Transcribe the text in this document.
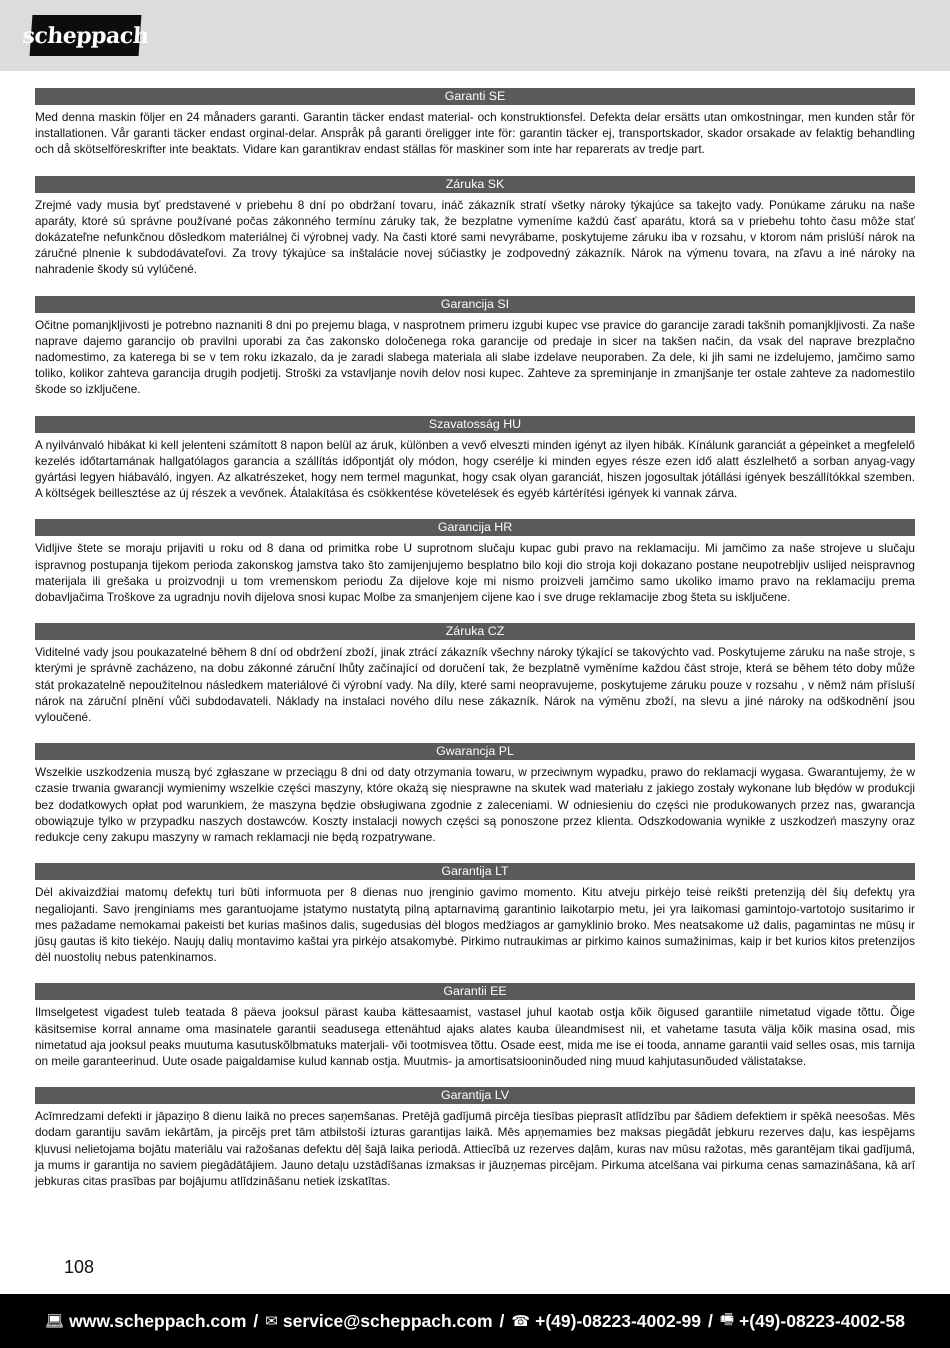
scheppach
Garanti SE

Med denna maskin följer en 24 månaders garanti. Garantin täcker endast material- och konstruktionsfel. Defekta delar ersätts utan omkostningar, men kunden står för installationen. Vår garanti täcker endast orginal-delar. Anspråk på garanti öreligger inte för: garantin täcker ej, transportskador, skador orsakade av felaktig behandling och då skötselföreskrifter inte beaktats. Vidare kan garantikrav endast ställas för maskiner som inte har reparerats av tredje part.

Záruka SK

Zrejmé vady musia byť predstavené v priebehu 8 dní po obdržaní tovaru, ináč zákazník stratí všetky nároky týkajúce sa takejto vady. Ponúkame záruku na naše aparáty, ktoré sú správne používané počas zákonného termínu záruky tak, že bezplatne vymeníme každú časť aparátu, ktorá sa v priebehu tohto času môže stať dokázateľne nefunkčnou dôsledkom materiálnej či výrobnej vady. Na časti ktoré sami nevyrábame, poskytujeme záruku iba v rozsahu, v ktorom nám prislúší nárok na záručné plnenie k subdodávateľovi. Za trovy týkajúce sa inštalácie novej súčiastky je zodpovedný zákazník. Nárok na výmenu tovara, na zľavu a iné nároky na nahradenie škody sú vylúčené.

Garancija SI

Očitne pomanjkljivosti je potrebno naznaniti 8 dni po prejemu blaga, v nasprotnem primeru izgubi kupec vse pravice do garancije zaradi takšnih pomanjkljivosti. Za naše naprave dajemo garancijo ob pravilni uporabi za čas zakonsko določenega roka garancije od predaje in sicer na takšen način, da vsak del naprave brezplačno nadomestimo, za katerega bi se v tem roku izkazalo, da je zaradi slabega materiala ali slabe izdelave neuporaben. Za dele, ki jih sami ne izdelujemo, jamčimo samo toliko, kolikor zahteva garancija drugih podjetij. Stroški za vstavljanje novih delov nosi kupec. Zahteve za spreminjanje in zmanjšanje ter ostale zahteve za nadomestilo škode so izključene.

Szavatosság HU

A nyilvánvaló hibákat ki kell jelenteni számított 8 napon belül az áruk, különben a vevő elveszti minden igényt az ilyen hibák. Kínálunk garanciát a gépeinket a megfelelő kezelés időtartamának hallgatólagos garancia a szállítás időpontját oly módon, hogy cserélje ki minden egyes része ezen idő alatt észlelhető a sorban anyag-vagy gyártási legyen hiábaváló, ingyen. Az alkatrészeket, hogy nem termel magunkat, hogy csak olyan garanciát, hiszen jogosultak jótállási igények beszállítókkal szemben. A költségek beillesztése az új részek a vevőnek. Átalakítása és csökkentése követelések és egyéb kártérítési igények ki vannak zárva.

Garancija HR

Vidljive štete se moraju prijaviti u roku od 8 dana od primitka robe U suprotnom slučaju kupac gubi pravo na reklamaciju. Mi jamčimo za naše strojeve u slučaju ispravnog postupanja tijekom perioda zakonskog jamstva tako što zamijenjujemo besplatno bilo koji dio stroja koji dokazano postane neupotrebljiv uslijed neispravnog materijala ili grešaka u proizvodnji u tom vremenskom periodu Za dijelove koje mi nismo proizveli jamčimo samo ukoliko imamo pravo na reklamaciju prema dobavljačima Troškove za ugradnju novih dijelova snosi kupac Molbe za smanjenjem cijene kao i sve druge reklamacije zbog šteta su isključene.

Záruka CZ

Viditelné vady jsou poukazatelné během 8 dní od obdržení zboží, jinak ztrácí zákazník všechny nároky týkající se takovýchto vad. Poskytujeme záruku na naše stroje, s kterými je správně zacházeno, na dobu zákonné záruční lhůty začínající od doručení tak, že bezplatně vyměníme každou část stroje, která se během této doby může stát prokazatelně nepoužitelnou následkem materiálové či výrobní vady. Na díly, které sami neopravujeme, poskytujeme záruku pouze v rozsahu , v němž nám přísluší nárok na záruční plnění vůči subdodavateli. Náklady na instalaci nového dílu nese zákazník. Nárok na výměnu zboží, na slevu a jiné nároky na odškodnění jsou vyloučené.

Gwarancja PL

Wszelkie uszkodzenia muszą być zgłaszane w przeciągu 8 dni od daty otrzymania towaru, w przeciwnym wypadku, prawo do reklamacji wygasa. Gwarantujemy, że w czasie trwania gwarancji wymienimy wszelkie części maszyny, które okażą się niesprawne na skutek wad materiału z jakiego zostały wykonane lub błędów w produkcji bez dodatkowych opłat pod warunkiem, że maszyna będzie obsługiwana zgodnie z zaleceniami. W odniesieniu do części nie produkowanych przez nas, gwarancja obowiązuje tylko w przypadku naszych dostawców. Koszty instalacji nowych części są ponoszone przez klienta. Odszkodowania wynikłe z uszkodzeń maszyny oraz redukcje ceny zakupu maszyny w ramach reklamacji nie będą rozpatrywane.

Garantija LT

Dėl akivaizdžiai matomų defektų turi būti informuota per 8 dienas nuo įrenginio gavimo momento. Kitu atveju pirkėjo teisė reikšti pretenziją dėl šių defektų yra negaliojanti. Savo įrenginiams mes garantuojame įstatymo nustatytą pilną aptarnavimą garantinio laikotarpio metu, jei yra laikomasi gamintojo-vartotojo susitarimo ir mes pažadame nemokamai pakeisti bet kurias mašinos dalis, sugedusias dėl blogos medžiagos ar gamyklinio broko. Mes neatsakome už dalis, pagamintas ne mūsų ir jūsų gautas iš kito tiekėjo. Naujų dalių montavimo kaštai yra pirkėjo atsakomybė. Pirkimo nutraukimas ar pirkimo kainos sumažinimas, kaip ir bet kurios kitos pretenzijos dėl nuostolių nebus patenkinamos.

Garantii EE

Ilmselgetest vigadest tuleb teatada 8 päeva jooksul pärast kauba kättesaamist, vastasel juhul kaotab ostja kõik õigused garantiile nimetatud vigade tõttu. Õige käsitsemise korral anname oma masinatele garantii seadusega ettenähtud ajaks alates kauba üleandmisest nii, et vahetame tasuta välja kõik masina osad, mis nimetatud aja jooksul peaks muutuma kasutuskõlbmatuks materjali- või tootmisvea tõttu. Osade eest, mida me ise ei tooda, anname garantii vaid selles osas, mis tarnija on meile garanteerinud. Uute osade paigaldamise kulud kannab ostja. Muutmis- ja amortisatsiooninõuded ning muud kahjutasunõuded välistatakse.

Garantija LV

Acīmredzami defekti ir jāpaziņo 8 dienu laikā no preces saņemšanas. Pretējā gadījumā pircēja tiesības pieprasīt atlīdzību par šādiem defektiem ir spēkā neesošas. Mēs dodam garantiju savām iekārtām, ja pircējs pret tām atbilstoši izturas garantijas laikā. Mēs apņemamies bez maksas piegādāt jebkuru rezerves daļu, kas iespējams kļuvusi nelietojama bojātu materiālu vai ražošanas defektu dēļ šajā laika periodā. Attiecībā uz rezerves daļām, kuras nav mūsu ražotas, mēs garantējam tikai gadījumā, ja mums ir garantija no saviem piegādātājiem. Jauno detaļu uzstādīšanas izmaksas ir jāuzņemas pircējam. Pirkuma atcelšana vai pirkuma cenas samazināšana, kā arī jebkuras citas prasības par bojājumu atlīdzināšanu netiek izskatītas.

108
💻︎ www.scheppach.com / ✉︎ service@scheppach.com / ☎︎ +(49)-08223-4002-99 / 🖷︎ +(49)-08223-4002-58
